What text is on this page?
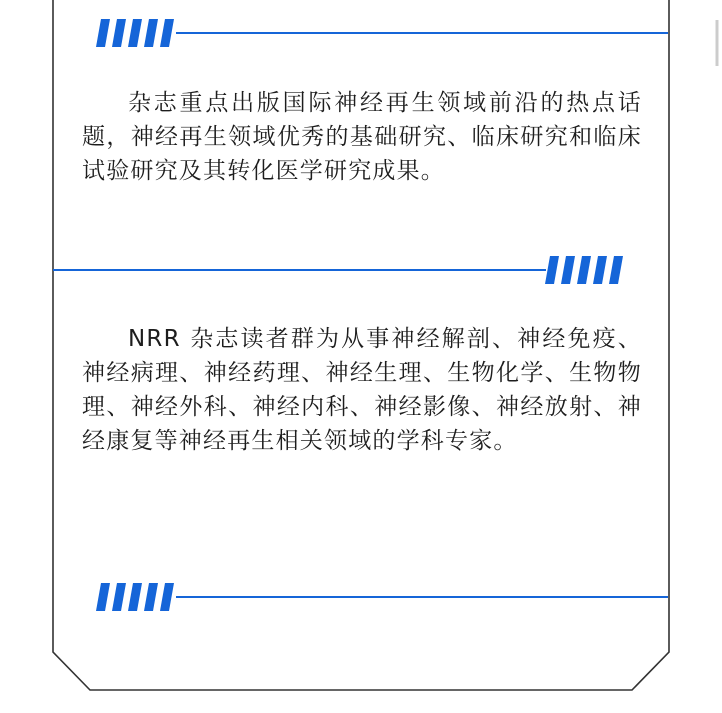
杂志重点出版国际神经再生领域前沿的热点话题，神经再生领域优秀的基础研究、临床研究和临床试验研究及其转化医学研究成果。

NRR 杂志读者群为从事神经解剖、神经免疫、神经病理、神经药理、神经生理、生物化学、生物物理、神经外科、神经内科、神经影像、神经放射、神经康复等神经再生相关领域的学科专家。
